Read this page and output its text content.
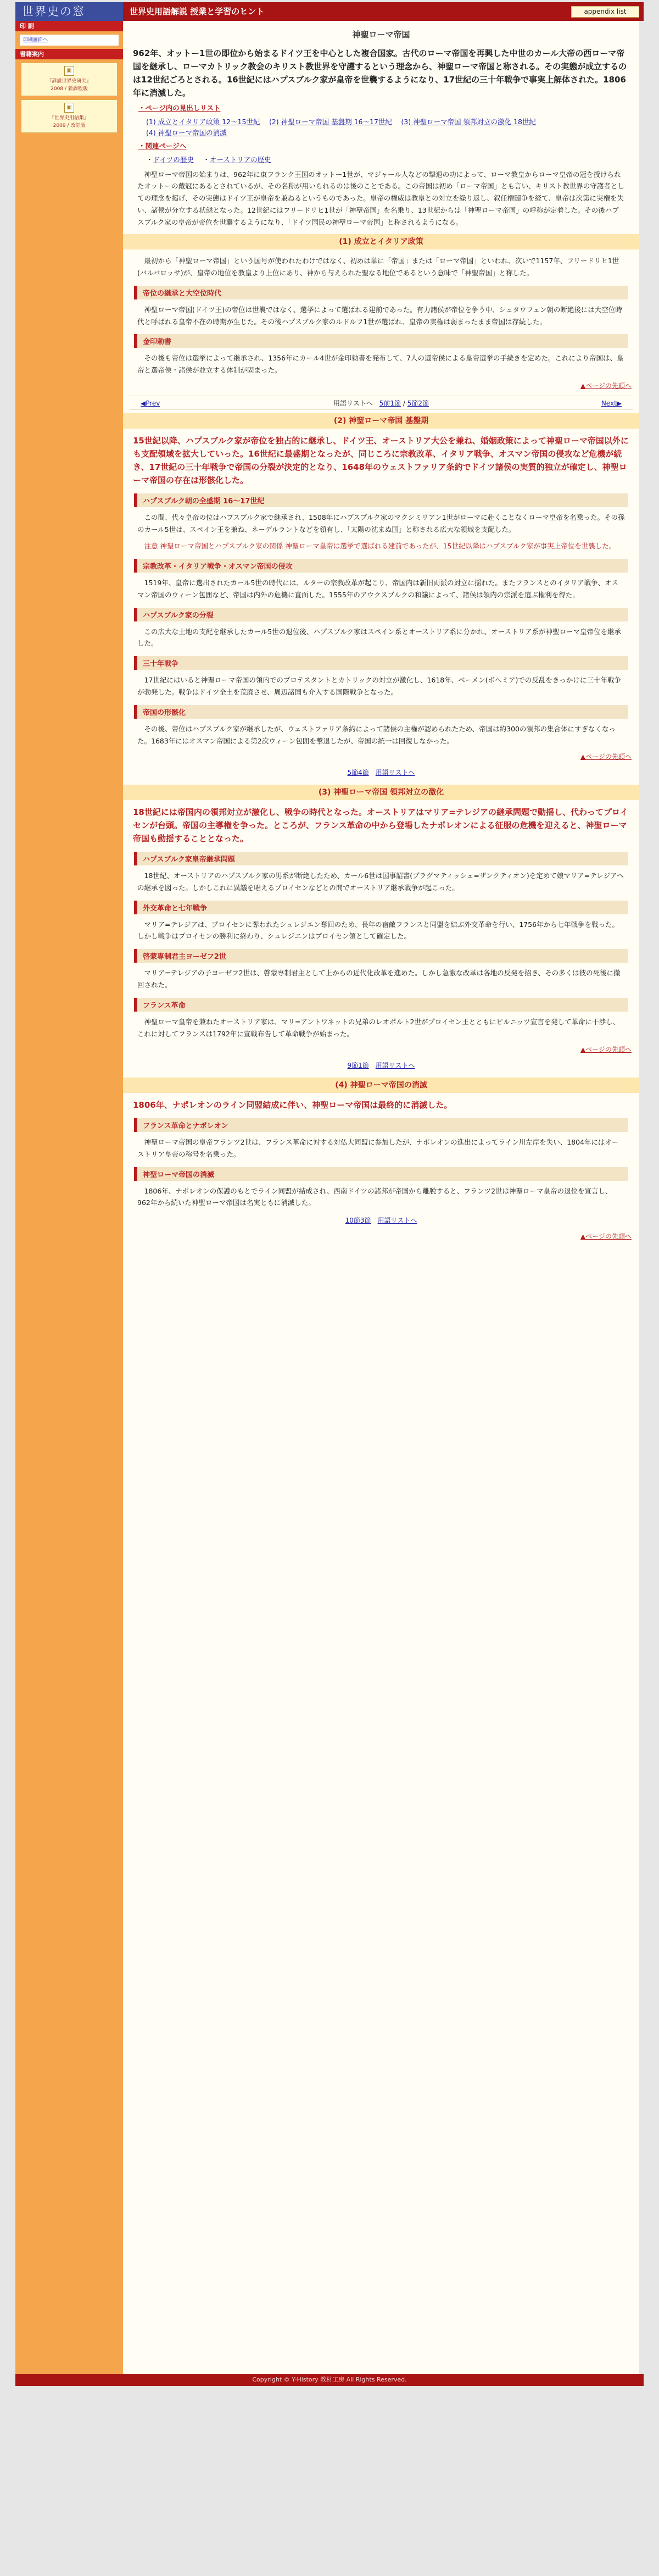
世界史の窓	世界史用語解説 授業と学習のヒント	appendix list
印 刷
印刷画面へ
書籍案内
▣
『詳説世界史研究』
2008 / 新課程版
▣
『世界史用語集』
2009 / 改訂版
神聖ローマ帝国
962年、オットー1世の即位から始まるドイツ王を中心とした複合国家。古代のローマ帝国を再興した中世のカール大帝の西ローマ帝国を継承し、ローマカトリック教会のキリスト教世界を守護するという理念から、神聖ローマ帝国と称される。その実態が成立するのは12世紀ごろとされる。16世紀にはハプスブルク家が皇帝を世襲するようになり、17世紀の三十年戦争で事実上解体された。1806年に消滅した。
・ページ内の見出しリスト
(1) 成立とイタリア政策 12〜15世紀　 (2) 神聖ローマ帝国 基盤期 16〜17世紀　 (3) 神聖ローマ帝国 領邦対立の激化 18世紀
(4) 神聖ローマ帝国の消滅
・関連ページへ
・ドイツの歴史　 ・オーストリアの歴史
神聖ローマ帝国の始まりは、962年に東フランク王国のオットー1世が、マジャール人などの撃退の功によって、ローマ教皇からローマ皇帝の冠を授けられたオットーの戴冠にあるとされているが、その名称が用いられるのは後のことである。この帝国は初め「ローマ帝国」とも言い、キリスト教世界の守護者としての理念を掲げ、その実態はドイツ王が皇帝を兼ねるというものであった。皇帝の権威は教皇との対立を繰り返し、叙任権闘争を経て、皇帝は次第に実権を失い、諸侯が分立する状態となった。12世紀にはフリードリヒ1世が「神聖帝国」を名乗り、13世紀からは「神聖ローマ帝国」の呼称が定着した。その後ハプスブルク家の皇帝が帝位を世襲するようになり、「ドイツ国民の神聖ローマ帝国」と称されるようになる。
(1) 成立とイタリア政策
最初から「神聖ローマ帝国」という国号が使われたわけではなく、初めは単に「帝国」または「ローマ帝国」といわれ、次いで1157年、フリードリヒ1世(バルバロッサ)が、皇帝の地位を教皇より上位にあり、神から与えられた聖なる地位であるという意味で「神聖帝国」と称した。
帝位の継承と大空位時代
神聖ローマ帝国(ドイツ王)の帝位は世襲ではなく、選挙によって選ばれる建前であった。有力諸侯が帝位を争う中、シュタウフェン朝の断絶後には大空位時代と呼ばれる皇帝不在の時期が生じた。その後ハプスブルク家のルドルフ1世が選ばれ、皇帝の実権は弱まったまま帝国は存続した。
金印勅書
その後も帝位は選挙によって継承され、1356年にカール4世が金印勅書を発布して、7人の選帝侯による皇帝選挙の手続きを定めた。これにより帝国は、皇帝と選帝侯・諸侯が並立する体制が固まった。
▲ページの先頭へ
◀Prev	用語リストへ　 5前1節 / 5節2節	Next▶
(2) 神聖ローマ帝国 基盤期
15世紀以降、ハプスブルク家が帝位を独占的に継承し、ドイツ王、オーストリア大公を兼ね、婚姻政策によって神聖ローマ帝国以外にも支配領域を拡大していった。16世紀に最盛期となったが、同じころに宗教改革、イタリア戦争、オスマン帝国の侵攻など危機が続き、17世紀の三十年戦争で帝国の分裂が決定的となり、1648年のウェストファリア条約でドイツ諸侯の実質的独立が確定し、神聖ローマ帝国の存在は形骸化した。
ハプスブルク朝の全盛期 16〜17世紀
この間、代々皇帝の位はハプスブルク家で継承され、1508年にハプスブルク家のマクシミリアン1世がローマに赴くことなくローマ皇帝を名乗った。その孫のカール5世は、スペイン王を兼ね、ネーデルラントなどを領有し、「太陽の沈まぬ国」と称される広大な領域を支配した。
注意 神聖ローマ帝国とハプスブルク家の関係 神聖ローマ皇帝は選挙で選ばれる建前であったが、15世紀以降はハプスブルク家が事実上帝位を世襲した。
宗教改革・イタリア戦争・オスマン帝国の侵攻
1519年、皇帝に選出されたカール5世の時代には、ルターの宗教改革が起こり、帝国内は新旧両派の対立に揺れた。またフランスとのイタリア戦争、オスマン帝国のウィーン包囲など、帝国は内外の危機に直面した。1555年のアウクスブルクの和議によって、諸侯は領内の宗派を選ぶ権利を得た。
ハプスブルク家の分裂
この広大な土地の支配を継承したカール5世の退位後、ハプスブルク家はスペイン系とオーストリア系に分かれ、オーストリア系が神聖ローマ皇帝位を継承した。
三十年戦争
17世紀にはいると神聖ローマ帝国の領内でのプロテスタントとカトリックの対立が激化し、1618年、ベーメン(ボヘミア)での反乱をきっかけに三十年戦争が勃発した。戦争はドイツ全土を荒廃させ、周辺諸国も介入する国際戦争となった。
帝国の形骸化
その後、帝位はハプスブルク家が継承したが、ウェストファリア条約によって諸侯の主権が認められたため、帝国は約300の領邦の集合体にすぎなくなった。1683年にはオスマン帝国による第2次ウィーン包囲を撃退したが、帝国の統一は回復しなかった。
▲ページの先頭へ
5節4節　 用語リストへ
(3) 神聖ローマ帝国 領邦対立の激化
18世紀には帝国内の領邦対立が激化し、戦争の時代となった。オーストリアはマリア=テレジアの継承問題で動揺し、代わってプロイセンが台頭。帝国の主導権を争った。ところが、フランス革命の中から登場したナポレオンによる征服の危機を迎えると、神聖ローマ帝国も動揺することとなった。
ハプスブルク家皇帝継承問題
18世紀、オーストリアのハプスブルク家の男系が断絶したため、カール6世は国事詔書(プラグマティッシェ=ザンクティオン)を定めて娘マリア=テレジアへの継承を図った。しかしこれに異議を唱えるプロイセンなどとの間でオーストリア継承戦争が起こった。
外交革命と七年戦争
マリア=テレジアは、プロイセンに奪われたシュレジエン奪回のため、長年の宿敵フランスと同盟を結ぶ外交革命を行い、1756年から七年戦争を戦った。しかし戦争はプロイセンの勝利に終わり、シュレジエンはプロイセン領として確定した。
啓蒙専制君主ヨーゼフ2世
マリア=テレジアの子ヨーゼフ2世は、啓蒙専制君主として上からの近代化改革を進めた。しかし急激な改革は各地の反発を招き、その多くは彼の死後に撤回された。
フランス革命
神聖ローマ皇帝を兼ねたオーストリア家は、マリ=アントワネットの兄弟のレオポルト2世がプロイセン王とともにピルニッツ宣言を発して革命に干渉し、これに対してフランスは1792年に宣戦布告して革命戦争が始まった。
▲ページの先頭へ
9節1節　 用語リストへ
(4) 神聖ローマ帝国の消滅
1806年、ナポレオンのライン同盟結成に伴い、神聖ローマ帝国は最終的に消滅した。
フランス革命とナポレオン
神聖ローマ帝国の皇帝フランツ2世は、フランス革命に対する対仏大同盟に参加したが、ナポレオンの進出によってライン川左岸を失い、1804年にはオーストリア皇帝の称号を名乗った。
神聖ローマ帝国の消滅
1806年、ナポレオンの保護のもとでライン同盟が結成され、西南ドイツの諸邦が帝国から離脱すると、フランツ2世は神聖ローマ皇帝の退位を宣言し、962年から続いた神聖ローマ帝国は名実ともに消滅した。
10節3節　 用語リストへ
▲ページの先頭へ
Copyright © Y-History 教材工房 All Rights Reserved.
